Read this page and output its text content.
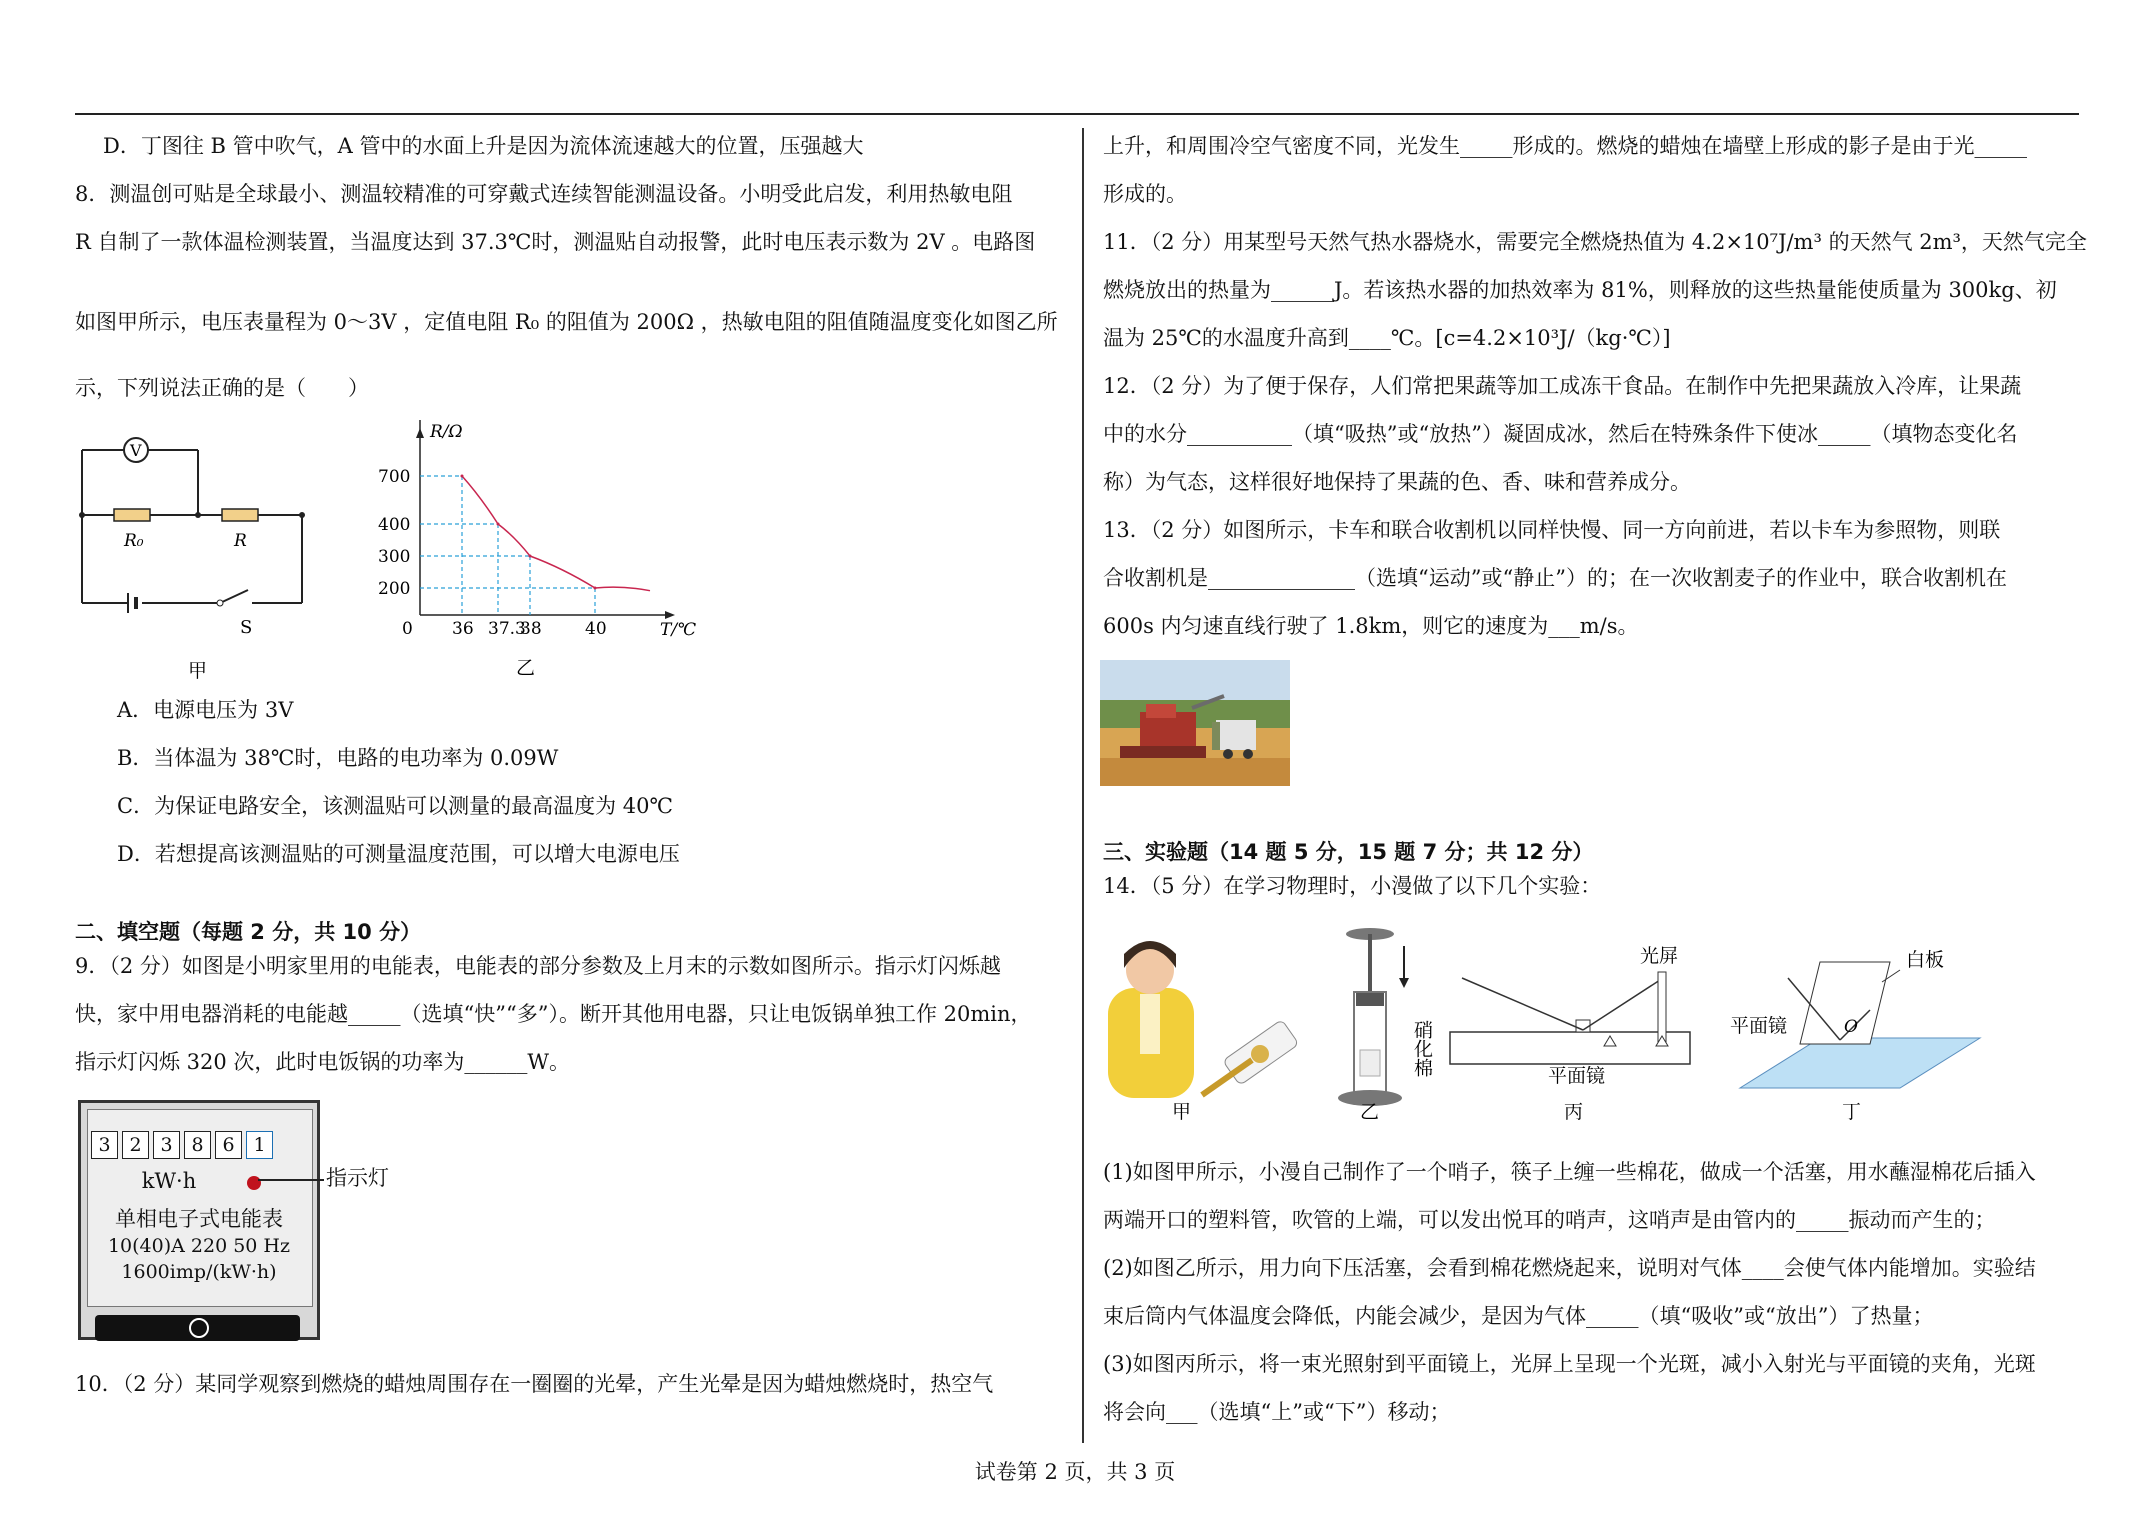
D．丁图往 B 管中吹气，A 管中的水面上升是因为流体流速越大的位置，压强越大
8．测温创可贴是全球最小、测温较精准的可穿戴式连续智能测温设备。小明受此启发，利用热敏电阻
R 自制了一款体温检测装置，当温度达到 37.3℃时，测温贴自动报警，此时电压表示数为 2V 。电路图
如图甲所示，电压表量程为 0～3V ，定值电阻 R₀ 的阻值为 200Ω ，热敏电阻的阻值随温度变化如图乙所
示，下列说法正确的是（　　）
A．电源电压为 3V
B．当体温为 38℃时，电路的电功率为 0.09W
C．为保证电路安全，该测温贴可以测量的最高温度为 40℃
D．若想提高该测温贴的可测量温度范围，可以增大电源电压
二、填空题（每题 2 分，共 10 分）
9．（2 分）如图是小明家里用的电能表，电能表的部分参数及上月末的示数如图所示。指示灯闪烁越
快，家中用电器消耗的电能越_____（选填“快”“多”）。断开其他用电器，只让电饭锅单独工作 20min，
指示灯闪烁 320 次，此时电饭锅的功率为______W。
10．（2 分）某同学观察到燃烧的蜡烛周围存在一圈圈的光晕，产生光晕是因为蜡烛燃烧时，热空气
V
R₀	R
S
甲
R/Ω
T/℃
0
乙
36 37.3
38	40
700
400
300
200
3 2 3 8 6 1
kW·h
单相电子式电能表
10(40)A 220 50 Hz
1600imp/(kW·h)
指示灯
上升，和周围冷空气密度不同，光发生_____形成的。燃烧的蜡烛在墙壁上形成的影子是由于光_____
形成的。
11．（2 分）用某型号天然气热水器烧水，需要完全燃烧热值为 4.2×10⁷J/m³ 的天然气 2m³，天然气完全
燃烧放出的热量为______J。若该热水器的加热效率为 81%，则释放的这些热量能使质量为 300kg、初
温为 25℃的水温度升高到____℃。[c=4.2×10³J/（kg·℃）]
12．（2 分）为了便于保存，人们常把果蔬等加工成冻干食品。在制作中先把果蔬放入冷库，让果蔬
中的水分__________（填“吸热”或“放热”）凝固成冰，然后在特殊条件下使冰_____（填物态变化名
称）为气态，这样很好地保持了果蔬的色、香、味和营养成分。
13．（2 分）如图所示，卡车和联合收割机以同样快慢、同一方向前进，若以卡车为参照物，则联
合收割机是______________（选填“运动”或“静止”）的；在一次收割麦子的作业中，联合收割机在
600s 内匀速直线行驶了 1.8km，则它的速度为___m/s。
三、实验题（14 题 5 分，15 题 7 分；共 12 分）
14．（5 分）在学习物理时，小漫做了以下几个实验：
(1)如图甲所示，小漫自己制作了一个哨子，筷子上缠一些棉花，做成一个活塞，用水蘸湿棉花后插入
两端开口的塑料管，吹管的上端，可以发出悦耳的哨声，这哨声是由管内的_____振动而产生的；
(2)如图乙所示，用力向下压活塞，会看到棉花燃烧起来，说明对气体____会使气体内能增加。实验结
束后筒内气体温度会降低，内能会减少，是因为气体_____（填“吸收”或“放出”）了热量；
(3)如图丙所示，将一束光照射到平面镜上，光屏上呈现一个光斑，减小入射光与平面镜的夹角，光斑
将会向___（选填“上”或“下”）移动；
硝化棉
光屏
平面镜
白板
平面镜	O
甲	乙	丙	丁
试卷第 2 页，共 3 页
